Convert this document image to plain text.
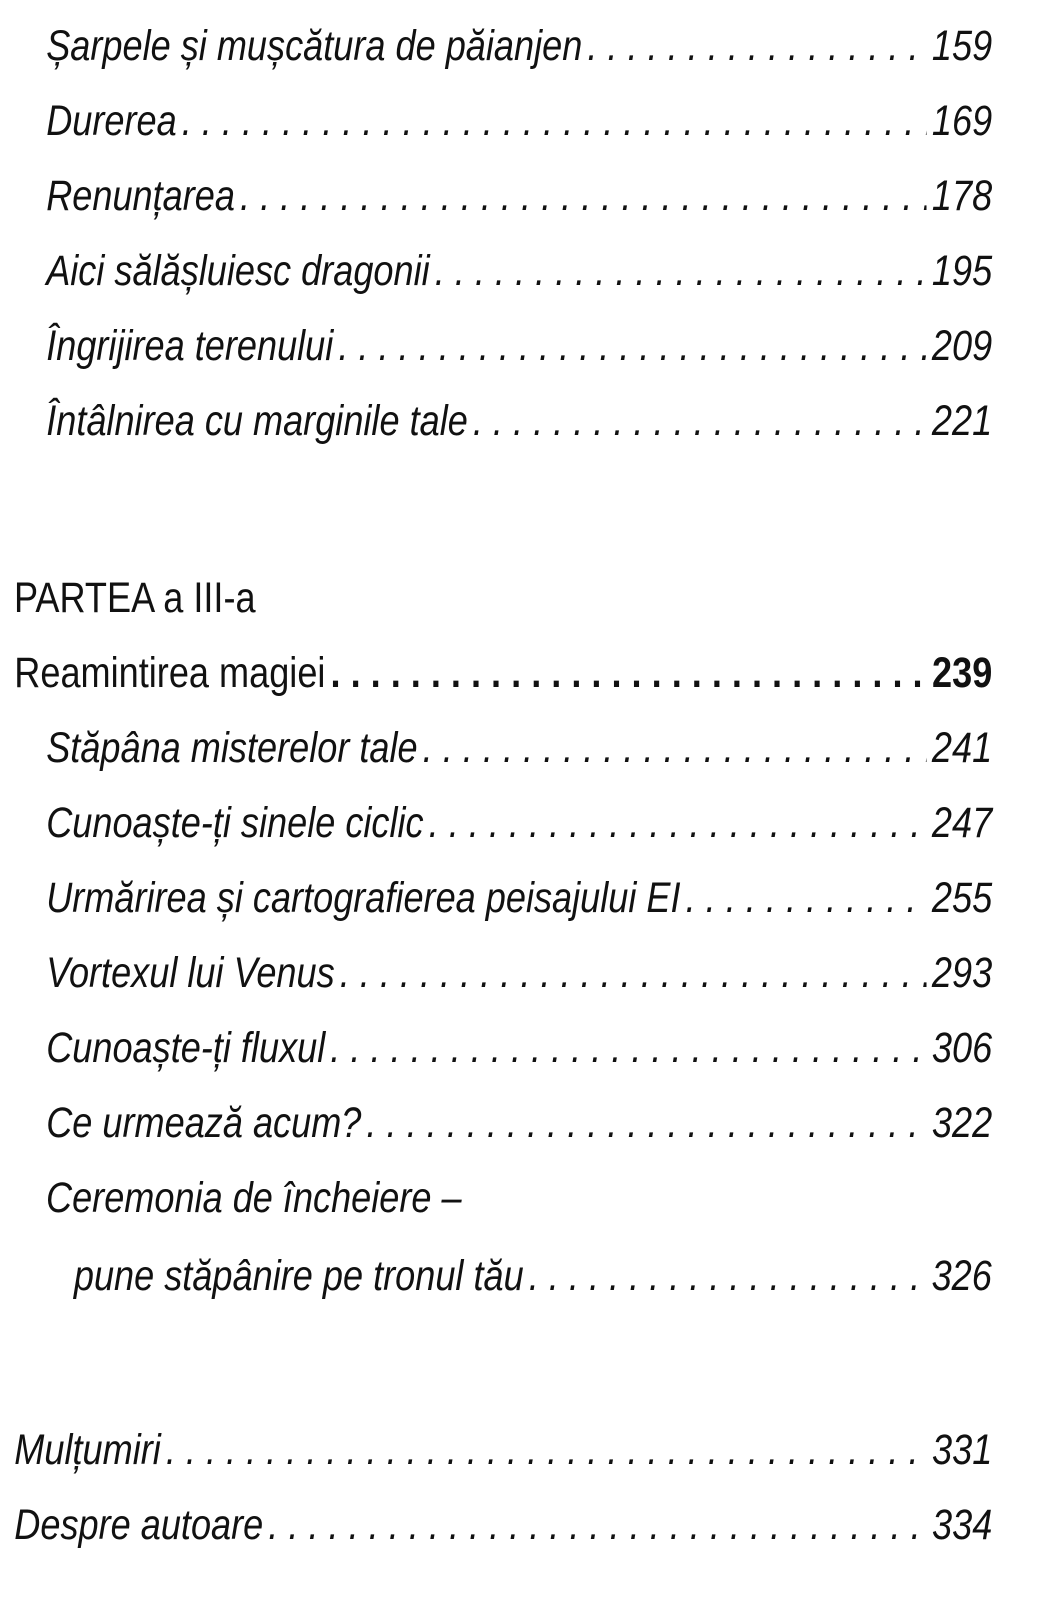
Șarpele și mușcătura de păianjen . . .	159
Durerea . . .	169
Renunțarea . . .	178
Aici sălășluiesc dragonii . . .	195
Îngrijirea terenului . . .	209
Întâlnirea cu marginile tale . . .	221
PARTEA a III-a
Reamintirea magiei . . .	239
Stăpâna misterelor tale . . .	241
Cunoaște-ți sinele ciclic . . .	247
Urmărirea și cartografierea peisajului EI . . .	255
Vortexul lui Venus . . .	293
Cunoaște-ți fluxul . . .	306
Ce urmează acum? . . .	322
Ceremonia de încheiere –
pune stăpânire pe tronul tău . . .	326
Mulțumiri . . .	331
Despre autoare . . .	334
